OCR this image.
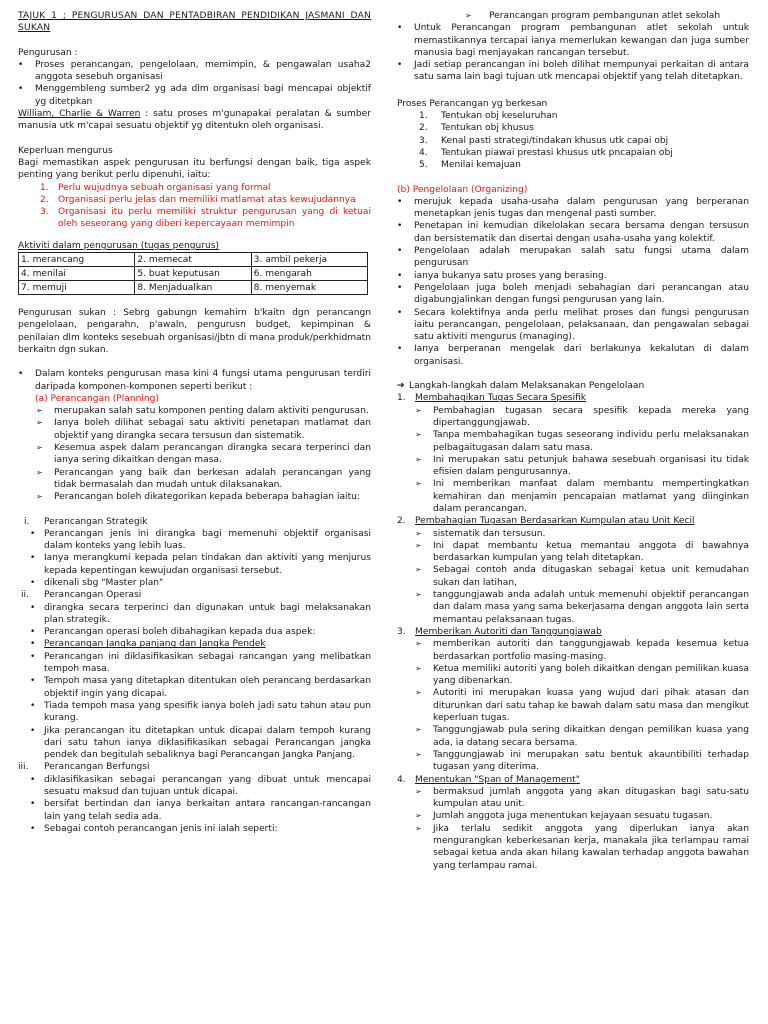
TAJUK 1 ; PENGURUSAN DAN PENTADBIRAN PENDIDIKAN JASMANI DAN SUKAN

Pengurusan :

•	Proses perancangan, pengelolaan, memimpin, & pengawalan usaha2 anggota sesebuh organisasi
•	Menggembleng sumber2 yg ada dlm organisasi bagi mencapai objektif yg ditetpkan

William, Charlie & Warren : satu proses m'gunapakai peralatan & sumber manusia utk m'capai sesuatu objektif yg ditentukn oleh organisasi.

Keperluan mengurus

Bagi memastikan aspek pengurusan itu berfungsi dengan baik, tiga aspek penting yang berikut perlu dipenuhi, iaitu:

1.	Perlu wujudnya sebuah organisasi yang formal
2.	Organisasi perlu jelas dan memiliki matlamat atas kewujudannya
3.	Organisasi itu perlu memiliki struktur pengurusan yang di ketuai oleh seseorang yang diberi kepercayaan memimpin

Aktiviti dalam pengurusan (tugas pengurus)

1. merancang	2. memecat	3. ambil pekerja
4. menilai	5. buat keputusan	6. mengarah
7. memuji	8. Menjadualkan	8. menyemak

Pengurusan sukan : Sebrg gabungn kemahirn b'kaitn dgn perancangn pengelolaan, pengarahn, p'awaln, pengurusn budget, kepimpinan & penilaian dlm konteks sesebuah organisasi/jbtn di mana produk/perkhidmatn berkaitn dgn sukan.

•	Dalam konteks pengurusan masa kini 4 fungsi utama pengurusan terdiri daripada komponen-komponen seperti berikut :

(a) Perancangan (Planning)

➢	merupakan salah satu komponen penting dalam aktiviti pengurusan.
➢	Ianya boleh dilihat sebagai satu aktiviti penetapan matlamat dan objektif yang dirangka secara tersusun dan sistematik.
➢	Kesemua aspek dalam perancangan dirangka secara terperinci dan ianya sering dikaitkan dengan masa.
➢	Perancangan yang baik dan berkesan adalah perancangan yang tidak bermasalah dan mudah untuk dilaksanakan.
➢	Perancangan boleh dikategorikan kepada beberapa bahagian iaitu:
i.	Perancangan Strategik
• Perancangan jenis ini dirangka bagi memenuhi objektif organisasi dalam konteks yang lebih luas.
• Ianya merangkumi kepada pelan tindakan dan aktiviti yang menjurus kepada kepentingan kewujudan organisasi tersebut.
• dikenali sbg "Master plan"
ii.	Perancangan Operasi
• dirangka secara terperinci dan digunakan untuk bagi melaksanakan plan strategik.
• Perancangan operasi boleh dibahagikan kepada dua aspek:
• Perancangan Jangka panjang dan Jangka Pendek
• Perancangan ini diklasifikasikan sebagai rancangan yang melibatkan tempoh masa.
• Tempoh masa yang ditetapkan ditentukan oleh perancang berdasarkan objektif ingin yang dicapai.
• Tiada tempoh masa yang spesifik ianya boleh jadi satu tahun atau pun kurang.
• Jika perancangan itu ditetapkan untuk dicapai dalam tempoh kurang dari satu tahun ianya diklasifikasikan sebagai Perancangan jangka pendek dan begitulah sebaliknya bagi Perancangan Jangka Panjang.
iii.	Perancangan Berfungsi
• diklasifikasikan sebagai perancangan yang dibuat untuk mencapai sesuatu maksud dan tujuan untuk dicapai.
• bersifat bertindan dan ianya berkaitan antara rancangan-rancangan lain yang telah sedia ada.
• Sebagai contoh perancangan jenis ini ialah seperti:
➢	Perancangan program pembangunan atlet sekolah
•	Untuk Perancangan program pembangunan atlet sekolah untuk memastikannya tercapai ianya memerlukan kewangan dan juga sumber manusia bagi menjayakan rancangan tersebut.
•	Jadi setiap perancangan ini boleh dilihat mempunyai perkaitan di antara satu sama lain bagi tujuan utk mencapai objektif yang telah ditetapkan.

Proses Perancangan yg berkesan

1.	Tentukan obj keseluruhan
2.	Tentukan obj khusus
3.	Kenal pasti strategi/tindakan khusus utk capai obj
4.	Tentukan piawai prestasi khusus utk pncapaian obj
5.	Menilai kemajuan

(b) Pengelolaan (Organizing)

•	merujuk kepada usaha-usaha dalam pengurusan yang berperanan menetapkan jenis tugas dan mengenal pasti sumber.
•	Penetapan ini kemudian dikelolakan secara bersama dengan tersusun dan bersistematik dan disertai dengan usaha-usaha yang kolektif.
•	Pengelolaan adalah merupakan salah satu fungsi utama dalam pengurusan
•	ianya bukanya satu proses yang berasing.
•	Pengelolaan juga boleh menjadi sebahagian dari perancangan atau digabungjalinkan dengan fungsi pengurusan yang lain.
•	Secara kolektifnya anda perlu melihat proses dan fungsi pengurusan iaitu perancangan, pengelolaan, pelaksanaan, dan pengawalan sebagai satu aktiviti mengurus (managing).
•	Ianya berperanan mengelak dari berlakunya kekalutan di dalam organisasi.
➔ Langkah-langkah dalam Melaksanakan Pengelolaan
1.	Membahagikan Tugas Secara Spesifik
➢	Pembahagian tugasan secara spesifik kepada mereka yang dipertanggungjawab.
➢	Tanpa membahagikan tugas seseorang individu perlu melaksanakan pelbagaitugasan dalam satu masa.
➢	Ini merupakan satu petunjuk bahawa sesebuah organisasi itu tidak efisien dalam pengurusannya.
➢	Ini memberikan manfaat dalam membantu mempertingkatkan kemahiran dan menjamin pencapaian matlamat yang diinginkan dalam perancangan.
2.	Pembahagian Tugasan Berdasarkan Kumpulan atau Unit Kecil
➢	sistematik dan tersusun.
➢	Ini dapat membantu ketua memantau anggota di bawahnya berdasarkan kumpulan yang telah ditetapkan.
➢	Sebagai contoh anda ditugaskan sebagai ketua unit kemudahan sukan dan latihan,
➢	tanggungjawab anda adalah untuk memenuhi objektif perancangan dan dalam masa yang sama bekerjasama dengan anggota lain serta memantau pelaksanaan tugas.
3.	Memberikan Autoriti dan Tanggungjawab
➢	memberikan autoriti dan tanggungjawab kepada kesemua ketua berdasarkan portfolio masing-masing.
➢	Ketua memiliki autoriti yang boleh dikaitkan dengan pemilikan kuasa yang dibenarkan.
➢	Autoriti ini merupakan kuasa yang wujud dari pihak atasan dan diturunkan dari satu tahap ke bawah dalam satu masa dan mengikut keperluan tugas.
➢	Tanggungjawab pula sering dikaitkan dengan pemilikan kuasa yang ada, ia datang secara bersama.
➢	Tanggungjawab ini merupakan satu bentuk akauntibiliti terhadap tugasan yang diterima.
4.	Menentukan "Span of Management"
➢	bermaksud jumlah anggota yang akan ditugaskan bagi satu-satu kumpulan atau unit.
➢	Jumlah anggota juga menentukan kejayaan sesuatu tugasan.
➢	Jika terlalu sedikit anggota yang diperlukan ianya akan mengurangkan keberkesanan kerja, manakala jika terlampau ramai sebagai ketua anda akan hilang kawalan terhadap anggota bawahan yang terlampau ramai.
